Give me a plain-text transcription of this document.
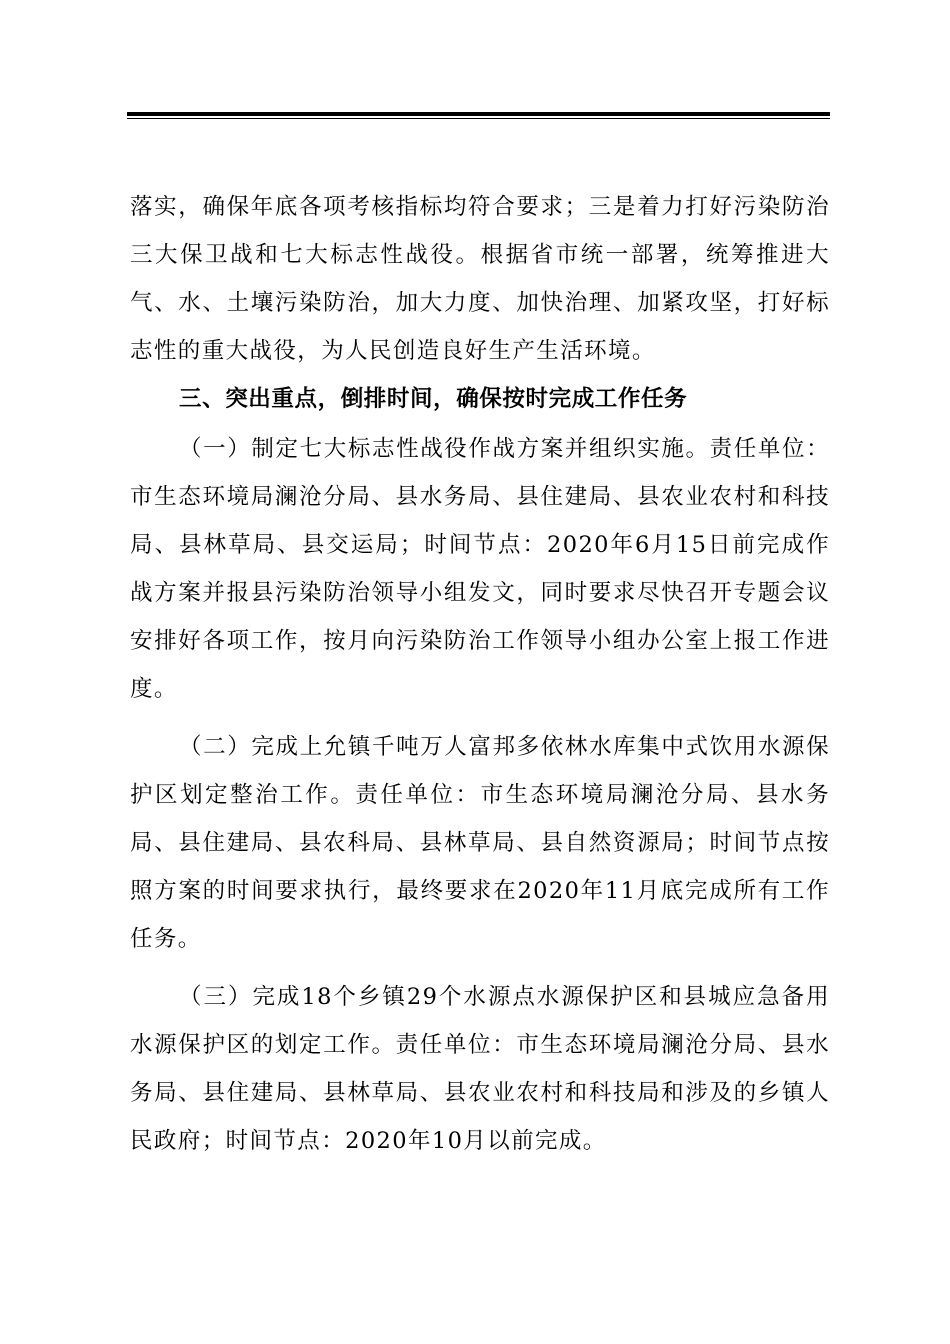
落实，确保年底各项考核指标均符合要求；三是着力打好污染防治三大保卫战和七大标志性战役。根据省市统一部署，统筹推进大气、水、土壤污染防治，加大力度、加快治理、加紧攻坚，打好标志性的重大战役，为人民创造良好生产生活环境。

三、突出重点，倒排时间，确保按时完成工作任务

（一）制定七大标志性战役作战方案并组织实施。责任单位：市生态环境局澜沧分局、县水务局、县住建局、县农业农村和科技局、县林草局、县交运局；时间节点：2020年6月15日前完成作战方案并报县污染防治领导小组发文，同时要求尽快召开专题会议安排好各项工作，按月向污染防治工作领导小组办公室上报工作进度。

（二）完成上允镇千吨万人富邦多依林水库集中式饮用水源保护区划定整治工作。责任单位：市生态环境局澜沧分局、县水务局、县住建局、县农科局、县林草局、县自然资源局；时间节点按照方案的时间要求执行，最终要求在2020年11月底完成所有工作任务。

（三）完成18个乡镇29个水源点水源保护区和县城应急备用水源保护区的划定工作。责任单位：市生态环境局澜沧分局、县水务局、县住建局、县林草局、县农业农村和科技局和涉及的乡镇人民政府；时间节点：2020年10月以前完成。
